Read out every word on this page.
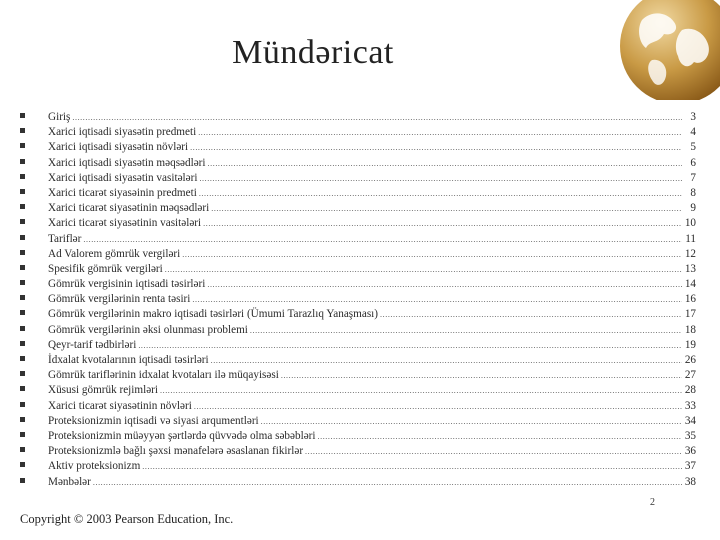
Mündəricat
Giriş .....	3
Xarici iqtisadi siyasətin predmeti .....	4
Xarici iqtisadi siyasətin növləri .....	5
Xarici iqtisadi siyasətin məqsədləri .....	6
Xarici iqtisadi siyasətin vasitələri .....	7
Xarici ticarət siyasəinin predmeti .....	8
Xarici ticarət siyasətinin məqsədləri .....	9
Xarici ticarət siyasətinin vasitələri .....	10
Tariflər .....	11
Ad Valorem gömrük vergiləri .....	12
Spesifik gömrük vergiləri .....	13
Gömrük vergisinin iqtisadi təsirləri .....	14
Gömrük vergilərinin renta təsiri .....	16
Gömrük vergilərinin makro iqtisadi təsirləri (Ümumi Tarazlıq Yanaşması) .....	17
Gömrük vergilərinin əksi olunması problemi .....	18
Qeyr-tarif tədbirləri .....	19
İdxalat kvotalarının iqtisadi təsirləri .....	26
Gömrük tariflərinin idxalat kvotaları ilə müqayisəsi .....	27
Xüsusi gömrük rejimləri .....	28
Xarici ticarət siyasətinin növləri .....	33
Proteksionizmin iqtisadi və siyasi arqumentləri .....	34
Proteksionizmin müəyyən şərtlərdə qüvvədə olma səbəbləri .....	35
Proteksionizmlə bağlı şəxsi mənafelərə əsaslanan fikirlər .....	36
Aktiv proteksionizm .....	37
Mənbələr .....	38
2
Copyright © 2003 Pearson Education, Inc.
